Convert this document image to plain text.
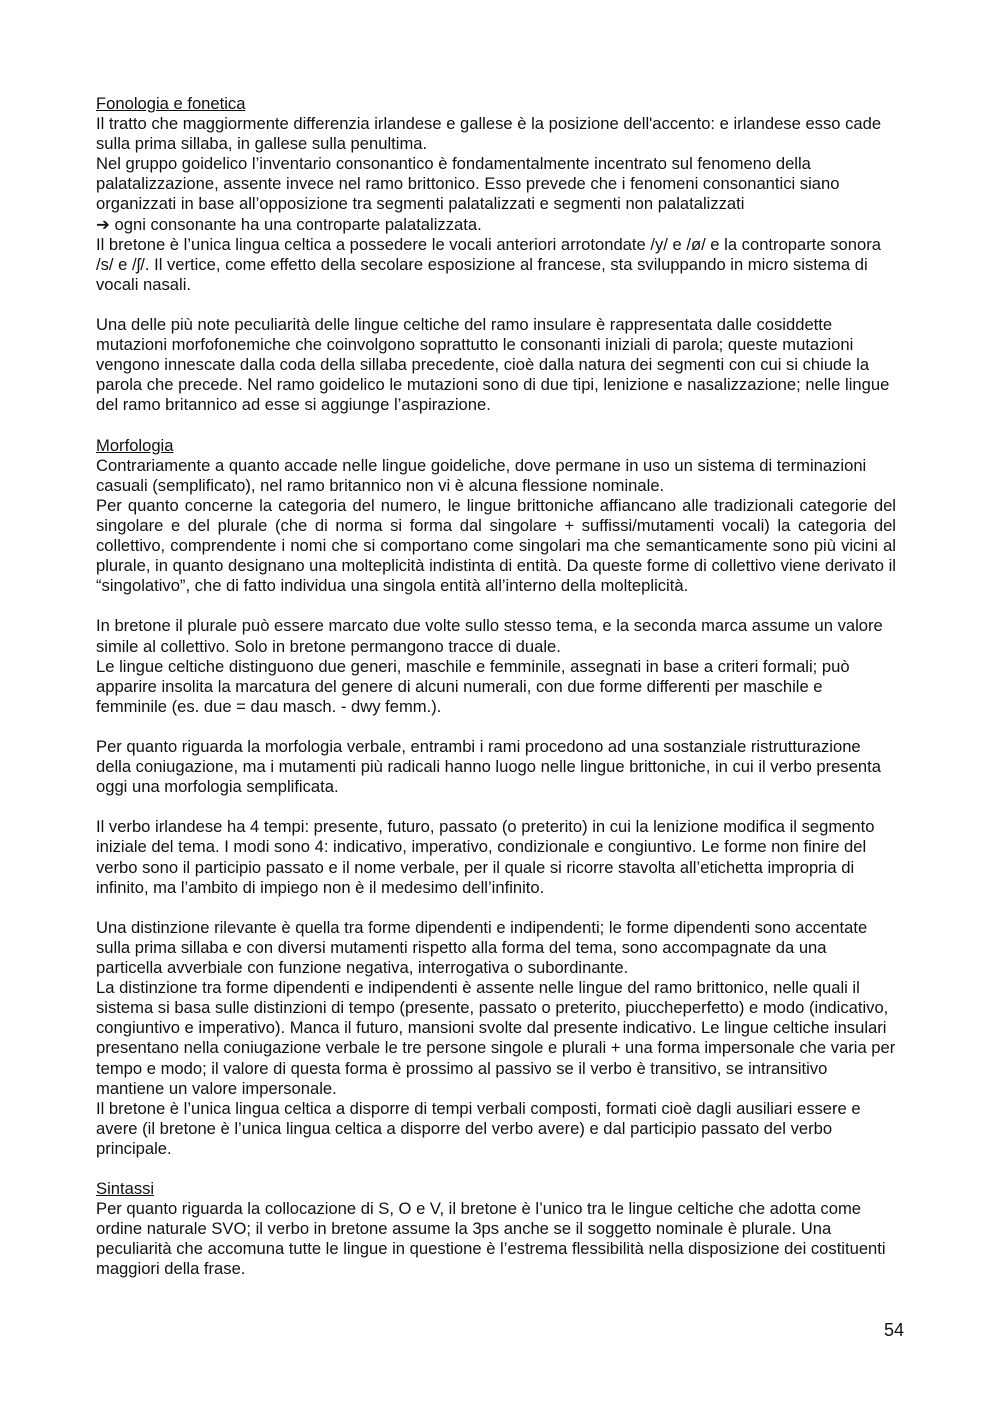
Fonologia e fonetica

Il tratto che maggiormente differenzia irlandese e gallese è la posizione dell'accento: e irlandese esso cade sulla prima sillaba, in gallese sulla penultima.

Nel gruppo goidelico l’inventario consonantico è fondamentalmente incentrato sul fenomeno della palatalizzazione, assente invece nel ramo brittonico. Esso prevede che i fenomeni consonantici siano organizzati in base all’opposizione tra segmenti palatalizzati e segmenti non palatalizzati

➔ ogni consonante ha una controparte palatalizzata.

Il bretone è l’unica lingua celtica a possedere le vocali anteriori arrotondate /y/ e /ø/ e la controparte sonora /s/ e /ʃ/. Il vertice, come effetto della secolare esposizione al francese, sta sviluppando in micro sistema di vocali nasali.

Una delle più note peculiarità delle lingue celtiche del ramo insulare è rappresentata dalle cosiddette mutazioni morfofonemiche che coinvolgono soprattutto le consonanti iniziali di parola; queste mutazioni vengono innescate dalla coda della sillaba precedente, cioè dalla natura dei segmenti con cui si chiude la parola che precede. Nel ramo goidelico le mutazioni sono di due tipi, lenizione e nasalizzazione; nelle lingue del ramo britannico ad esse si aggiunge l’aspirazione.

Morfologia

Contrariamente a quanto accade nelle lingue goideliche, dove permane in uso un sistema di terminazioni casuali (semplificato), nel ramo britannico non vi è alcuna flessione nominale.

Per quanto concerne la categoria del numero, le lingue brittoniche affiancano alle tradizionali categorie del singolare e del plurale (che di norma si forma dal singolare + suffissi/mutamenti vocali) la categoria del collettivo, comprendente i nomi che si comportano come singolari ma che semanticamente sono più vicini al plurale, in quanto designano una molteplicità indistinta di entità. Da queste forme di collettivo viene derivato il “singolativo”, che di fatto individua una singola entità all’interno della molteplicità.

In bretone il plurale può essere marcato due volte sullo stesso tema, e la seconda marca assume un valore simile al collettivo. Solo in bretone permangono tracce di duale.

Le lingue celtiche distinguono due generi, maschile e femminile, assegnati in base a criteri formali; può apparire insolita la marcatura del genere di alcuni numerali, con due forme differenti per maschile e femminile (es. due = dau masch. - dwy femm.).

Per quanto riguarda la morfologia verbale, entrambi i rami procedono ad una sostanziale ristrutturazione della coniugazione, ma i mutamenti più radicali hanno luogo nelle lingue brittoniche, in cui il verbo presenta oggi una morfologia semplificata.

Il verbo irlandese ha 4 tempi: presente, futuro, passato (o preterito) in cui la lenizione modifica il segmento iniziale del tema. I modi sono 4: indicativo, imperativo, condizionale e congiuntivo. Le forme non finire del verbo sono il participio passato e il nome verbale, per il quale si ricorre stavolta all’etichetta impropria di infinito, ma l’ambito di impiego non è il medesimo dell’infinito.

Una distinzione rilevante è quella tra forme dipendenti e indipendenti; le forme dipendenti sono accentate sulla prima sillaba e con diversi mutamenti rispetto alla forma del tema, sono accompagnate da una particella avverbiale con funzione negativa, interrogativa o subordinante.

La distinzione tra forme dipendenti e indipendenti è assente nelle lingue del ramo brittonico, nelle quali il sistema si basa sulle distinzioni di tempo (presente, passato o preterito, piuccheperfetto) e modo (indicativo, congiuntivo e imperativo). Manca il futuro, mansioni svolte dal presente indicativo. Le lingue celtiche insulari presentano nella coniugazione verbale le tre persone singole e plurali + una forma impersonale che varia per tempo e modo; il valore di questa forma è prossimo al passivo se il verbo è transitivo, se intransitivo mantiene un valore impersonale.

Il bretone è l’unica lingua celtica a disporre di tempi verbali composti, formati cioè dagli ausiliari essere e avere (il bretone è l’unica lingua celtica a disporre del verbo avere) e dal participio passato del verbo principale.

Sintassi

Per quanto riguarda la collocazione di S, O e V, il bretone è l’unico tra le lingue celtiche che adotta come ordine naturale SVO; il verbo in bretone assume la 3ps anche se il soggetto nominale è plurale. Una peculiarità che accomuna tutte le lingue in questione è l’estrema flessibilità nella disposizione dei costituenti maggiori della frase.

54
